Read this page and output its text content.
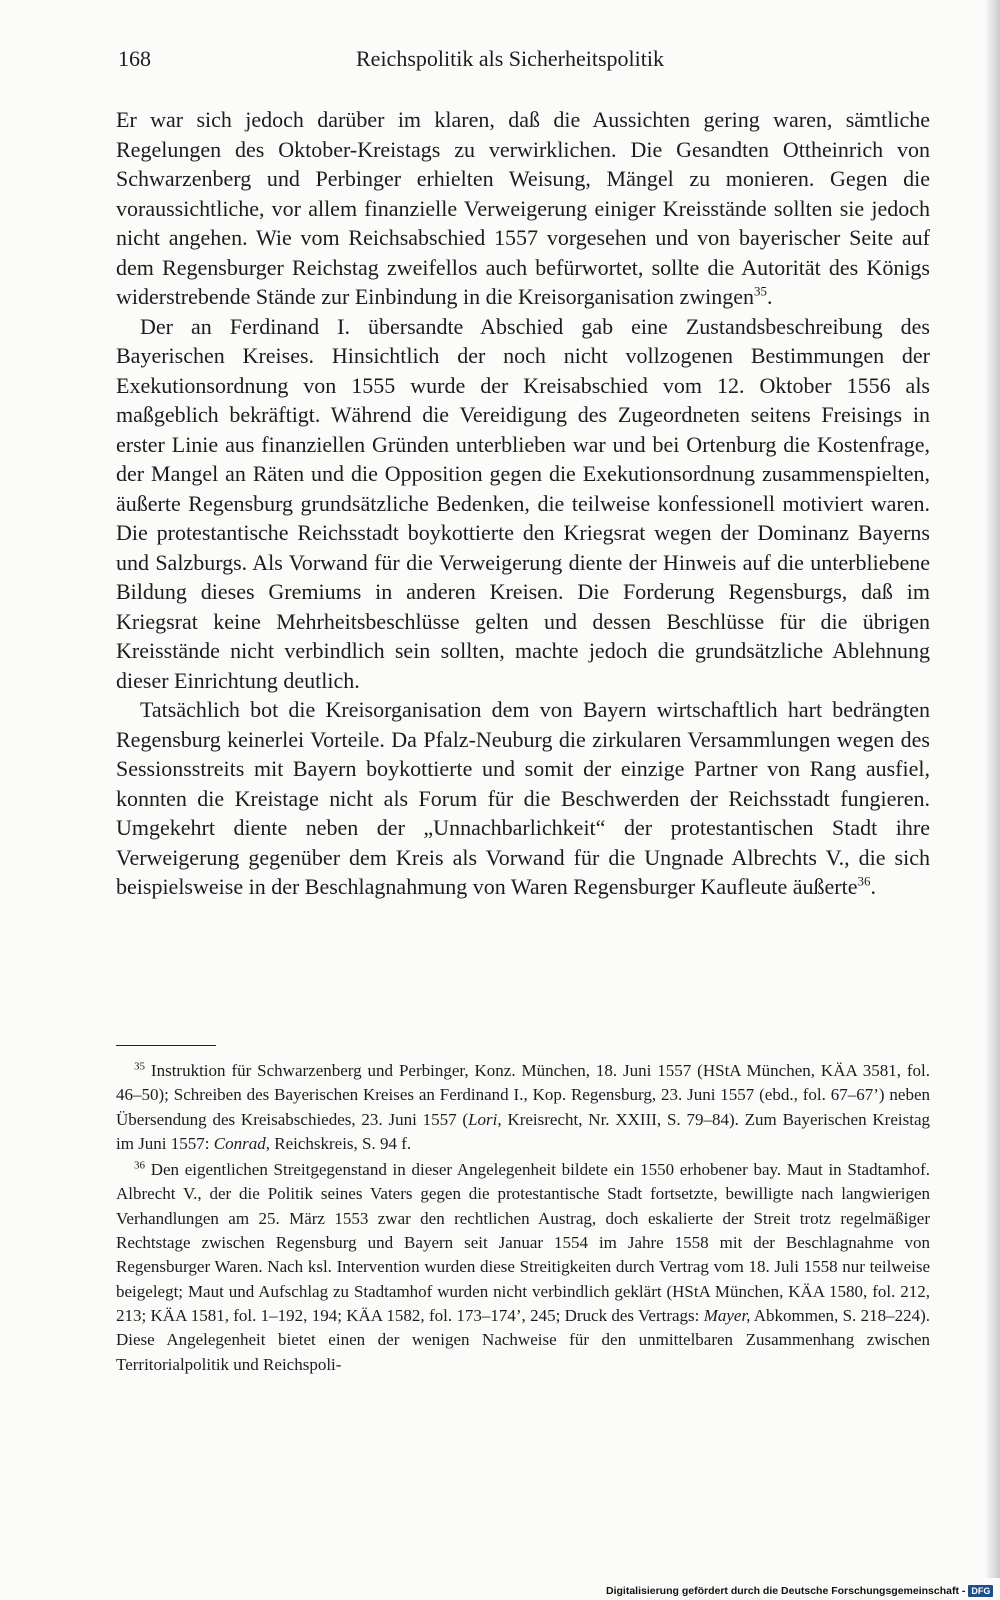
168	Reichspolitik als Sicherheitspolitik

Er war sich jedoch darüber im klaren, daß die Aussichten gering waren, sämtliche Regelungen des Oktober-Kreistags zu verwirklichen. Die Gesandten Ottheinrich von Schwarzenberg und Perbinger erhielten Weisung, Mängel zu monieren. Gegen die voraussichtliche, vor allem finanzielle Verweigerung einiger Kreisstände sollten sie jedoch nicht angehen. Wie vom Reichsabschied 1557 vorgesehen und von bayerischer Seite auf dem Regensburger Reichstag zweifellos auch befürwortet, sollte die Autorität des Königs widerstrebende Stände zur Einbindung in die Kreisorganisation zwingen$^{35}$.

Der an Ferdinand I. übersandte Abschied gab eine Zustandsbeschreibung des Bayerischen Kreises. Hinsichtlich der noch nicht vollzogenen Bestimmungen der Exekutionsordnung von 1555 wurde der Kreisabschied vom 12. Oktober 1556 als maßgeblich bekräftigt. Während die Vereidigung des Zugeordneten seitens Freisings in erster Linie aus finanziellen Gründen unterblieben war und bei Ortenburg die Kostenfrage, der Mangel an Räten und die Opposition gegen die Exekutionsordnung zusammenspielten, äußerte Regensburg grundsätzliche Bedenken, die teilweise konfessionell motiviert waren. Die protestantische Reichsstadt boykottierte den Kriegsrat wegen der Dominanz Bayerns und Salzburgs. Als Vorwand für die Verweigerung diente der Hinweis auf die unterbliebene Bildung dieses Gremiums in anderen Kreisen. Die Forderung Regensburgs, daß im Kriegsrat keine Mehrheitsbeschlüsse gelten und dessen Beschlüsse für die übrigen Kreisstände nicht verbindlich sein sollten, machte jedoch die grundsätzliche Ablehnung dieser Einrichtung deutlich.

Tatsächlich bot die Kreisorganisation dem von Bayern wirtschaftlich hart bedrängten Regensburg keinerlei Vorteile. Da Pfalz-Neuburg die zirkularen Versammlungen wegen des Sessionsstreits mit Bayern boykottierte und somit der einzige Partner von Rang ausfiel, konnten die Kreistage nicht als Forum für die Beschwerden der Reichsstadt fungieren. Umgekehrt diente neben der „Unnachbarlichkeit“ der protestantischen Stadt ihre Verweigerung gegenüber dem Kreis als Vorwand für die Ungnade Albrechts V., die sich beispielsweise in der Beschlagnahmung von Waren Regensburger Kaufleute äußerte$^{36}$.

$^{35}$ Instruktion für Schwarzenberg und Perbinger, Konz. München, 18. Juni 1557 (HStA München, KÄA 3581, fol. 46–50); Schreiben des Bayerischen Kreises an Ferdinand I., Kop. Regensburg, 23. Juni 1557 (ebd., fol. 67–67’) neben Übersendung des Kreisabschiedes, 23. Juni 1557 (Lori, Kreisrecht, Nr. XXIII, S. 79–84). Zum Bayerischen Kreistag im Juni 1557: Conrad, Reichskreis, S. 94 f.

$^{36}$ Den eigentlichen Streitgegenstand in dieser Angelegenheit bildete ein 1550 erhobener bay. Maut in Stadtamhof. Albrecht V., der die Politik seines Vaters gegen die protestantische Stadt fortsetzte, bewilligte nach langwierigen Verhandlungen am 25. März 1553 zwar den rechtlichen Austrag, doch eskalierte der Streit trotz regelmäßiger Rechtstage zwischen Regensburg und Bayern seit Januar 1554 im Jahre 1558 mit der Beschlagnahme von Regensburger Waren. Nach ksl. Intervention wurden diese Streitigkeiten durch Vertrag vom 18. Juli 1558 nur teilweise beigelegt; Maut und Aufschlag zu Stadtamhof wurden nicht verbindlich geklärt (HStA München, KÄA 1580, fol. 212, 213; KÄA 1581, fol. 1–192, 194; KÄA 1582, fol. 173–174’, 245; Druck des Vertrags: Mayer, Abkommen, S. 218–224). Diese Angelegenheit bietet einen der wenigen Nachweise für den unmittelbaren Zusammenhang zwischen Territorialpolitik und Reichspoli-

Digitalisierung gefördert durch die Deutsche Forschungsgemeinschaft - DFG
